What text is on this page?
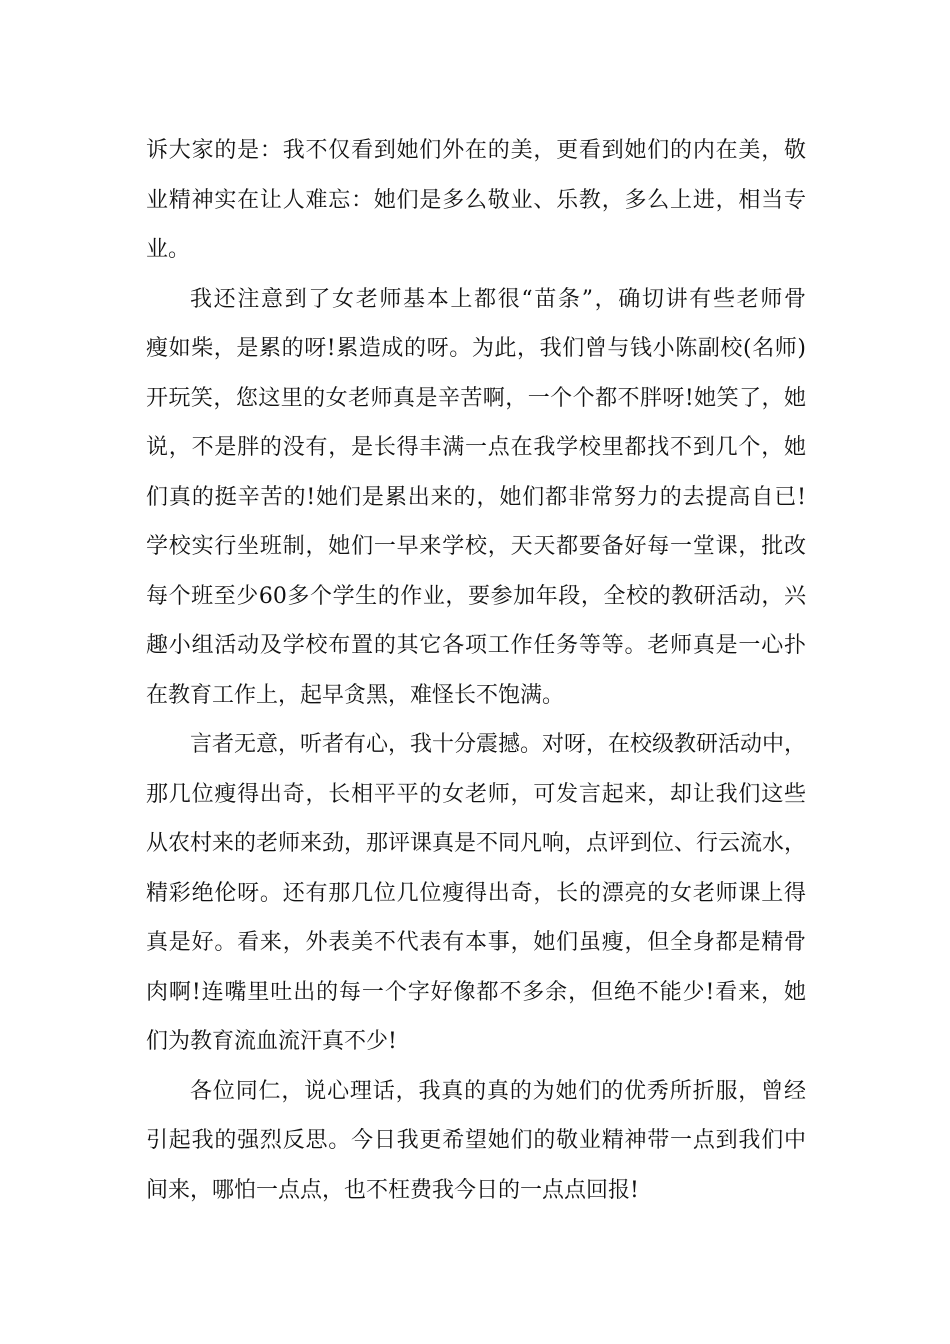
诉大家的是：我不仅看到她们外在的美，更看到她们的内在美，敬
业精神实在让人难忘：她们是多么敬业、乐教，多么上进，相当专
业。
我还注意到了女老师基本上都很“苗条”，确切讲有些老师骨
瘦如柴，是累的呀!累造成的呀。为此，我们曾与钱小陈副校(名师)
开玩笑，您这里的女老师真是辛苦啊，一个个都不胖呀!她笑了，她
说，不是胖的没有，是长得丰满一点在我学校里都找不到几个，她
们真的挺辛苦的!她们是累出来的，她们都非常努力的去提高自已!
学校实行坐班制，她们一早来学校，天天都要备好每一堂课，批改
每个班至少60多个学生的作业，要参加年段，全校的教研活动，兴
趣小组活动及学校布置的其它各项工作任务等等。老师真是一心扑
在教育工作上，起早贪黑，难怪长不饱满。
言者无意，听者有心，我十分震撼。对呀，在校级教研活动中，
那几位瘦得出奇，长相平平的女老师，可发言起来，却让我们这些
从农村来的老师来劲，那评课真是不同凡响，点评到位、行云流水，
精彩绝伦呀。还有那几位几位瘦得出奇，长的漂亮的女老师课上得
真是好。看来，外表美不代表有本事，她们虽瘦，但全身都是精骨
肉啊!连嘴里吐出的每一个字好像都不多余，但绝不能少!看来，她
们为教育流血流汗真不少!
各位同仁，说心理话，我真的真的为她们的优秀所折服，曾经
引起我的强烈反思。今日我更希望她们的敬业精神带一点到我们中
间来，哪怕一点点，也不枉费我今日的一点点回报!
